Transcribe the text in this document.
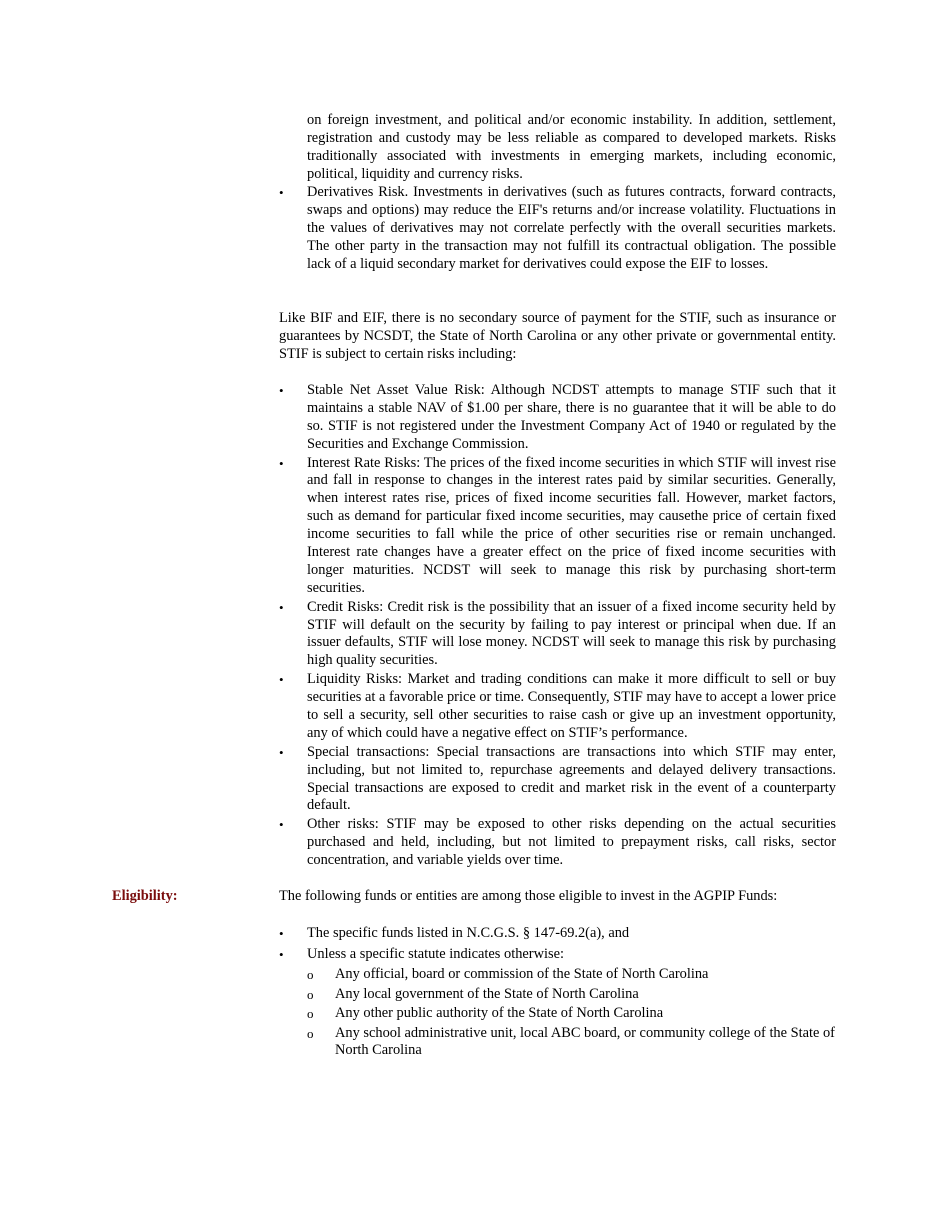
on foreign investment, and political and/or economic instability. In addition, settlement, registration and custody may be less reliable as compared to developed markets. Risks traditionally associated with investments in emerging markets, including economic, political, liquidity and currency risks.
•	Derivatives Risk. Investments in derivatives (such as futures contracts, forward contracts, swaps and options) may reduce the EIF's returns and/or increase volatility. Fluctuations in the values of derivatives may not correlate perfectly with the overall securities markets. The other party in the transaction may not fulfill its contractual obligation. The possible lack of a liquid secondary market for derivatives could expose the EIF to losses.
Like BIF and EIF, there is no secondary source of payment for the STIF, such as insurance or guarantees by NCSDT, the State of North Carolina or any other private or governmental entity. STIF is subject to certain risks including:
•	Stable Net Asset Value Risk: Although NCDST attempts to manage STIF such that it maintains a stable NAV of $1.00 per share, there is no guarantee that it will be able to do so. STIF is not registered under the Investment Company Act of 1940 or regulated by the Securities and Exchange Commission.
•	Interest Rate Risks: The prices of the fixed income securities in which STIF will invest rise and fall in response to changes in the interest rates paid by similar securities. Generally, when interest rates rise, prices of fixed income securities fall. However, market factors, such as demand for particular fixed income securities, may causethe price of certain fixed income securities to fall while the price of other securities rise or remain unchanged. Interest rate changes have a greater effect on the price of fixed income securities with longer maturities. NCDST will seek to manage this risk by purchasing short-term securities.
•	Credit Risks: Credit risk is the possibility that an issuer of a fixed income security held by STIF will default on the security by failing to pay interest or principal when due. If an issuer defaults, STIF will lose money. NCDST will seek to manage this risk by purchasing high quality securities.
•	Liquidity Risks: Market and trading conditions can make it more difficult to sell or buy securities at a favorable price or time. Consequently, STIF may have to accept a lower price to sell a security, sell other securities to raise cash or give up an investment opportunity, any of which could have a negative effect on STIF’s performance.
•	Special transactions: Special transactions are transactions into which STIF may enter, including, but not limited to, repurchase agreements and delayed delivery transactions. Special transactions are exposed to credit and market risk in the event of a counterparty default.
•	Other risks: STIF may be exposed to other risks depending on the actual securities purchased and held, including, but not limited to prepayment risks, call risks, sector concentration, and variable yields over time.
Eligibility:	The following funds or entities are among those eligible to invest in the AGPIP Funds:
•	The specific funds listed in N.C.G.S. § 147-69.2(a), and
•	Unless a specific statute indicates otherwise:
o Any official, board or commission of the State of North Carolina
o Any local government of the State of North Carolina
o Any other public authority of the State of North Carolina
o Any school administrative unit, local ABC board, or community college of the State of North Carolina
